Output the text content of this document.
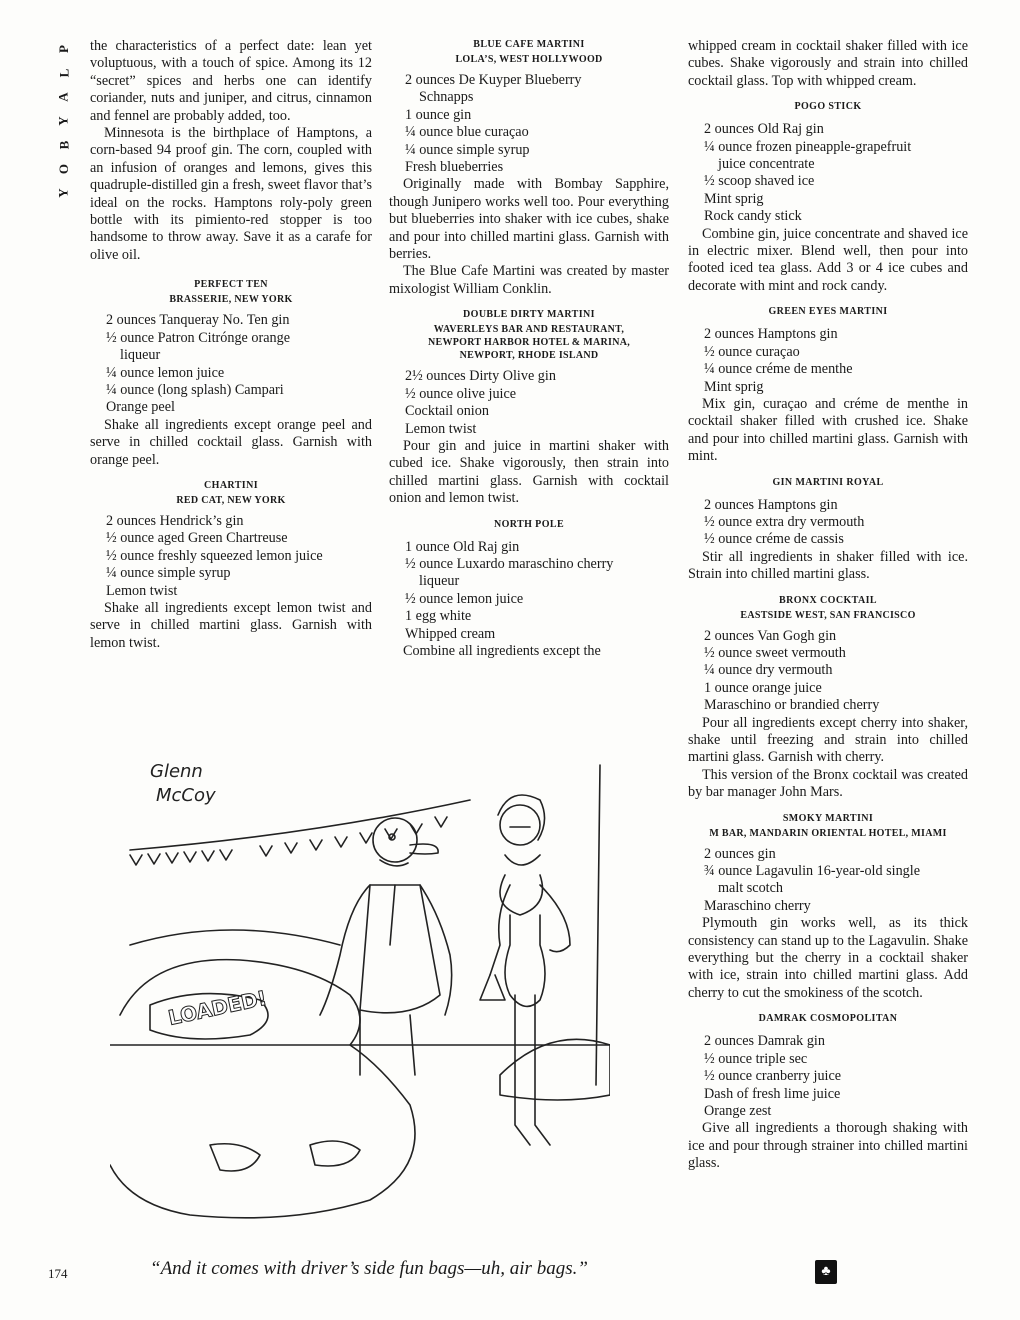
P
L
A
Y
B
O
Y

the characteristics of a perfect date: lean yet voluptuous, with a touch of spice. Among its 12 “secret” spices and herbs one can identify coriander, nuts and juniper, and citrus, cinnamon and fennel are probably added, too.

Minnesota is the birthplace of Hamptons, a corn-based 94 proof gin. The corn, coupled with an infusion of oranges and lemons, gives this quadruple-distilled gin a fresh, sweet flavor that’s ideal on the rocks. Hamptons roly-poly green bottle with its pimiento-red stopper is too handsome to throw away. Save it as a carafe for olive oil.

PERFECT TEN
BRASSERIE, NEW YORK

2 ounces Tanqueray No. Ten gin

½ ounce Patron Citrónge orange

liqueur

¼ ounce lemon juice

¼ ounce (long splash) Campari

Orange peel

Shake all ingredients except orange peel and serve in chilled cocktail glass. Garnish with orange peel.

CHARTINI
RED CAT, NEW YORK

2 ounces Hendrick’s gin

½ ounce aged Green Chartreuse

½ ounce freshly squeezed lemon juice

¼ ounce simple syrup

Lemon twist

Shake all ingredients except lemon twist and serve in chilled martini glass. Garnish with lemon twist.

BLUE CAFE MARTINI
LOLA’S, WEST HOLLYWOOD

2 ounces De Kuyper Blueberry

Schnapps

1 ounce gin

¼ ounce blue curaçao

¼ ounce simple syrup

Fresh blueberries

Originally made with Bombay Sapphire, though Junipero works well too. Pour everything but blueberries into shaker with ice cubes, shake and pour into chilled martini glass. Garnish with berries.

The Blue Cafe Martini was created by master mixologist William Conklin.

DOUBLE DIRTY MARTINI
WAVERLEYS BAR AND RESTAURANT, NEWPORT HARBOR HOTEL & MARINA, NEWPORT, RHODE ISLAND

2½ ounces Dirty Olive gin

½ ounce olive juice

Cocktail onion

Lemon twist

Pour gin and juice in martini shaker with cubed ice. Shake vigorously, then strain into chilled martini glass. Garnish with cocktail onion and lemon twist.

NORTH POLE

1 ounce Old Raj gin

½ ounce Luxardo maraschino cherry

liqueur

½ ounce lemon juice

1 egg white

Whipped cream

Combine all ingredients except the

whipped cream in cocktail shaker filled with ice cubes. Shake vigorously and strain into chilled cocktail glass. Top with whipped cream.

POGO STICK

2 ounces Old Raj gin

¼ ounce frozen pineapple-grapefruit

juice concentrate

½ scoop shaved ice

Mint sprig

Rock candy stick

Combine gin, juice concentrate and shaved ice in electric mixer. Blend well, then pour into footed iced tea glass. Add 3 or 4 ice cubes and decorate with mint and rock candy.

GREEN EYES MARTINI

2 ounces Hamptons gin

½ ounce curaçao

¼ ounce créme de menthe

Mint sprig

Mix gin, curaçao and créme de menthe in cocktail shaker filled with crushed ice. Shake and pour into chilled martini glass. Garnish with mint.

GIN MARTINI ROYAL

2 ounces Hamptons gin

½ ounce extra dry vermouth

½ ounce créme de cassis

Stir all ingredients in shaker filled with ice. Strain into chilled martini glass.

BRONX COCKTAIL
EASTSIDE WEST, SAN FRANCISCO

2 ounces Van Gogh gin

½ ounce sweet vermouth

¼ ounce dry vermouth

1 ounce orange juice

Maraschino or brandied cherry

Pour all ingredients except cherry into shaker, shake until freezing and strain into chilled martini glass. Garnish with cherry.

This version of the Bronx cocktail was created by bar manager John Mars.

SMOKY MARTINI
M BAR, MANDARIN ORIENTAL HOTEL, MIAMI

2 ounces gin

¾ ounce Lagavulin 16-year-old single

malt scotch

Maraschino cherry

Plymouth gin works well, as its thick consistency can stand up to the Lagavulin. Shake everything but the cherry in a cocktail shaker with ice, strain into chilled martini glass. Add cherry to cut the smokiness of the scotch.

DAMRAK COSMOPOLITAN

2 ounces Damrak gin

½ ounce triple sec

½ ounce cranberry juice

Dash of fresh lime juice

Orange zest

Give all ingredients a thorough shaking with ice and pour through strainer into chilled martini glass.

Glenn
McCoy
LOADED!
174	“And it comes with driver’s side fun bags—uh, air bags.”	♣
